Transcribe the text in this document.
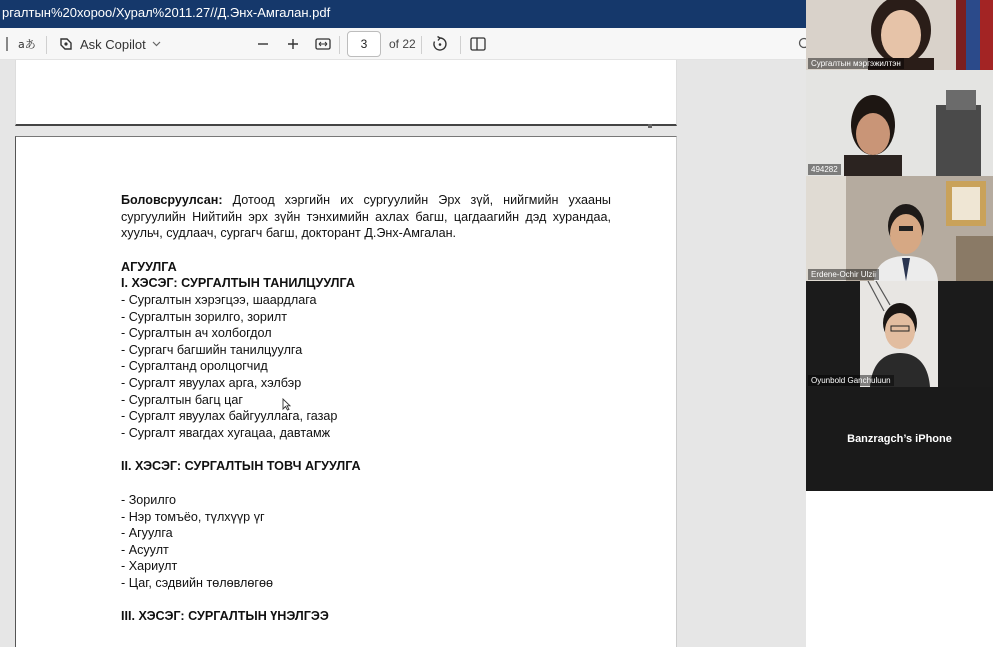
ргалтын%20хороо/Хурал%2011.27//Д.Энх-Амгалан.pdf
aあ	Ask Copilot	3	of 22
Боловсруулсан: Дотоод хэргийн их сургуулийн Эрх зүй, нийгмийн ухааны сургуулийн Нийтийн эрх зүйн тэнхимийн ахлах багш, цагдаагийн дэд хурандаа, хуульч, судлаач, сургагч багш, докторант Д.Энх-Амгалан.
АГУУЛГА
I. ХЭСЭГ: СУРГАЛТЫН ТАНИЛЦУУЛГА
- Сургалтын хэрэгцээ, шаардлага
- Сургалтын зорилго, зорилт
- Сургалтын ач холбогдол
- Сургагч багшийн танилцуулга
- Сургалтанд оролцогчид
- Сургалт явуулах арга, хэлбэр
- Сургалтын багц цаг
- Сургалт явуулах байгууллага, газар
- Сургалт явагдах хугацаа, давтамж
II. ХЭСЭГ: СУРГАЛТЫН ТОВЧ АГУУЛГА
- Зорилго
- Нэр томъёо, түлхүүр үг
- Агуулга
- Асуулт
- Хариулт
- Цаг, сэдвийн төлөвлөгөө
III. ХЭСЭГ: СУРГАЛТЫН ҮНЭЛГЭЭ
Сургалтын мэргэжилтэн
494282
Erdene-Ochir Ulzii
Oyunbold Ganchuluun
Banzragch’s iPhone
